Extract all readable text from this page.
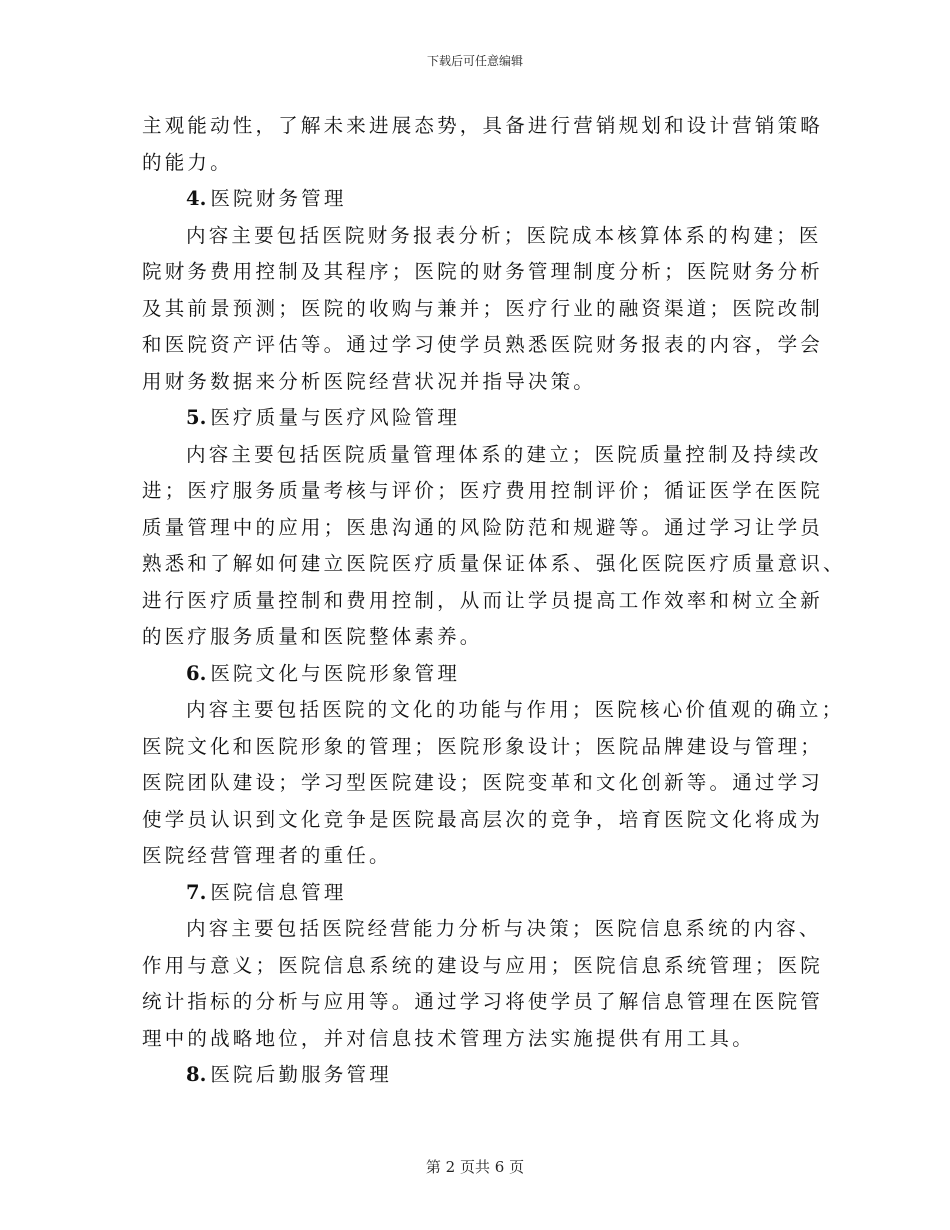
下载后可任意编辑

主观能动性，了解未来进展态势，具备进行营销规划和设计营销策略
的能力。

4. 医院财务管理

内容主要包括医院财务报表分析；医院成本核算体系的构建；医
院财务费用控制及其程序；医院的财务管理制度分析；医院财务分析
及其前景预测；医院的收购与兼并；医疗行业的融资渠道；医院改制
和医院资产评估等。通过学习使学员熟悉医院财务报表的内容，学会
用财务数据来分析医院经营状况并指导决策。

5. 医疗质量与医疗风险管理

内容主要包括医院质量管理体系的建立；医院质量控制及持续改
进；医疗服务质量考核与评价；医疗费用控制评价；循证医学在医院
质量管理中的应用；医患沟通的风险防范和规避等。通过学习让学员
熟悉和了解如何建立医院医疗质量保证体系、强化医院医疗质量意识、
进行医疗质量控制和费用控制，从而让学员提高工作效率和树立全新
的医疗服务质量和医院整体素养。

6. 医院文化与医院形象管理

内容主要包括医院的文化的功能与作用；医院核心价值观的确立；
医院文化和医院形象的管理；医院形象设计；医院品牌建设与管理；
医院团队建设；学习型医院建设；医院变革和文化创新等。通过学习
使学员认识到文化竞争是医院最高层次的竞争，培育医院文化将成为
医院经营管理者的重任。

7. 医院信息管理

内容主要包括医院经营能力分析与决策；医院信息系统的内容、
作用与意义；医院信息系统的建设与应用；医院信息系统管理；医院
统计指标的分析与应用等。通过学习将使学员了解信息管理在医院管
理中的战略地位，并对信息技术管理方法实施提供有用工具。

8. 医院后勤服务管理
第 2 页共 6 页
